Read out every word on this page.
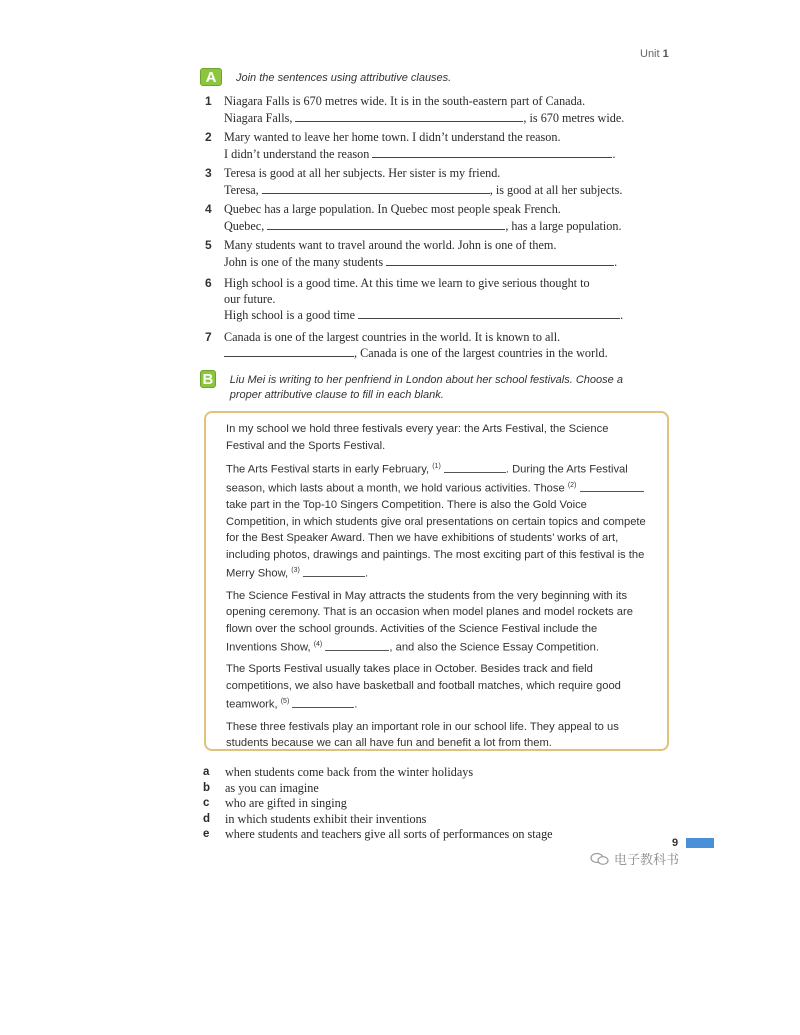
Unit 1
A	Join the sentences using attributive clauses.
1	Niagara Falls is 670 metres wide. It is in the south-eastern part of Canada.
Niagara Falls,	, is 670 metres wide.
2	Mary wanted to leave her home town. I didn’t understand the reason.
I didn’t understand the reason	.
3	Teresa is good at all her subjects. Her sister is my friend.
Teresa,	, is good at all her subjects.
4	Quebec has a large population. In Quebec most people speak French.
Quebec,	, has a large population.
5	Many students want to travel around the world. John is one of them.
John is one of the many students	.
6	High school is a good time. At this time we learn to give serious thought to
our future.
High school is a good time	.
7	Canada is one of the largest countries in the world. It is known to all.
, Canada is one of the largest countries in the world.
B Liu Mei is writing to her penfriend in London about her school festivals. Choose a proper attributive clause to fill in each blank.

In my school we hold three festivals every year: the Arts Festival, the Science Festival and the Sports Festival.

The Arts Festival starts in early February, $^{(1)}$	. During the Arts Festival season, which lasts about a month, we hold various activities. Those $^{(2)}$  take part in the Top-10 Singers Competition. There is also the Gold Voice Competition, in which students give oral presentations on certain topics and compete for the Best Speaker Award. Then we have exhibitions of students’ works of art, including photos, drawings and paintings. The most exciting part of this festival is the Merry Show, $^{(3)}$	.

The Science Festival in May attracts the students from the very beginning with its opening ceremony. That is an occasion when model planes and model rockets are flown over the school grounds. Activities of the Science Festival include the Inventions Show, $^{(4)}$	, and also the Science Essay Competition.

The Sports Festival usually takes place in October. Besides track and field competitions, we also have basketball and football matches, which require good teamwork, $^{(5)}$	.

These three festivals play an important role in our school life. They appeal to us students because we can all have fun and benefit a lot from them.

a	when students come back from the winter holidays
b	as you can imagine
c	who are gifted in singing
d	in which students exhibit their inventions
e	where students and teachers give all sorts of performances on stage
9
电子教科书
